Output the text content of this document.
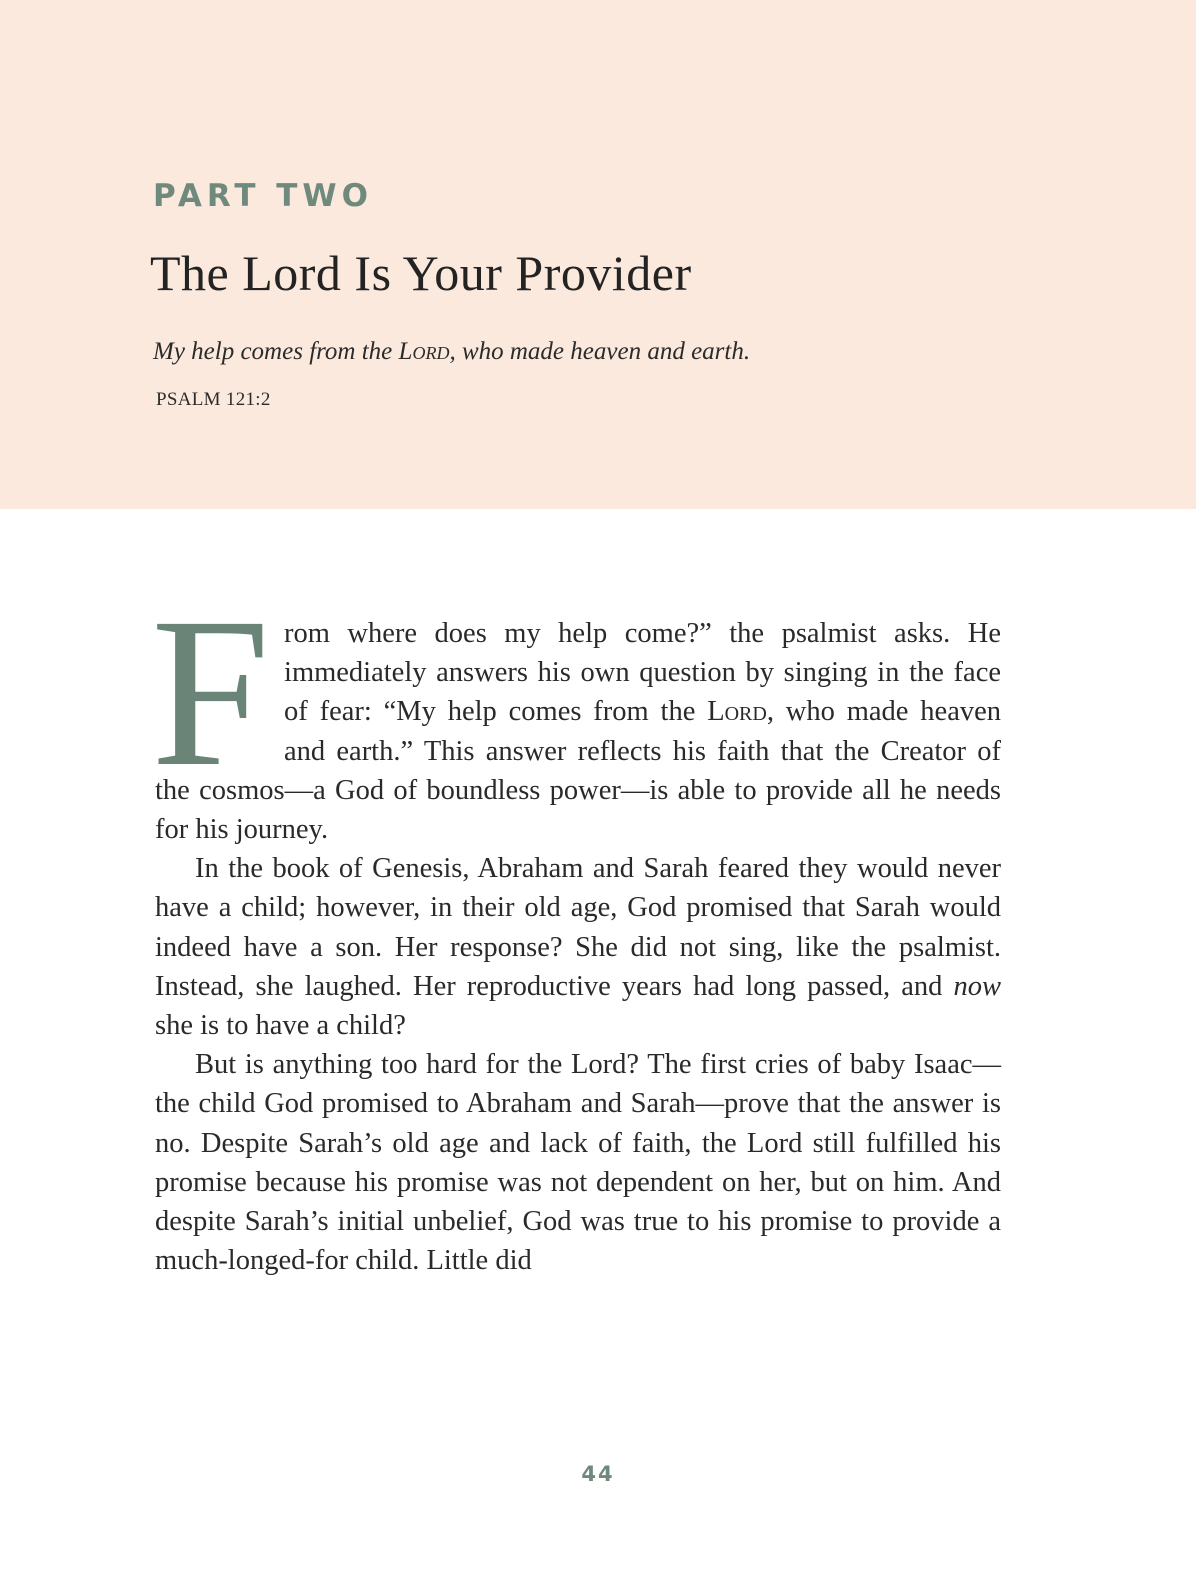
PART TWO
The Lord Is Your Provider
My help comes from the Lord, who made heaven and earth.
PSALM 121:2

From where does my help come?” the psalmist asks. He immediately answers his own question by singing in the face of fear: “My help comes from the Lord, who made heaven and earth.” This answer reflects his faith that the Creator of the cosmos—a God of boundless power—is able to provide all he needs for his journey.

In the book of Genesis, Abraham and Sarah feared they would never have a child; however, in their old age, God promised that Sarah would indeed have a son. Her response? She did not sing, like the psalmist. Instead, she laughed. Her reproductive years had long passed, and now she is to have a child?

But is anything too hard for the Lord? The first cries of baby Isaac—the child God promised to Abraham and Sarah—prove that the answer is no. Despite Sarah’s old age and lack of faith, the Lord still fulfilled his promise because his promise was not dependent on her, but on him. And despite Sarah’s initial unbelief, God was true to his promise to provide a much-longed-for child. Little did

44
